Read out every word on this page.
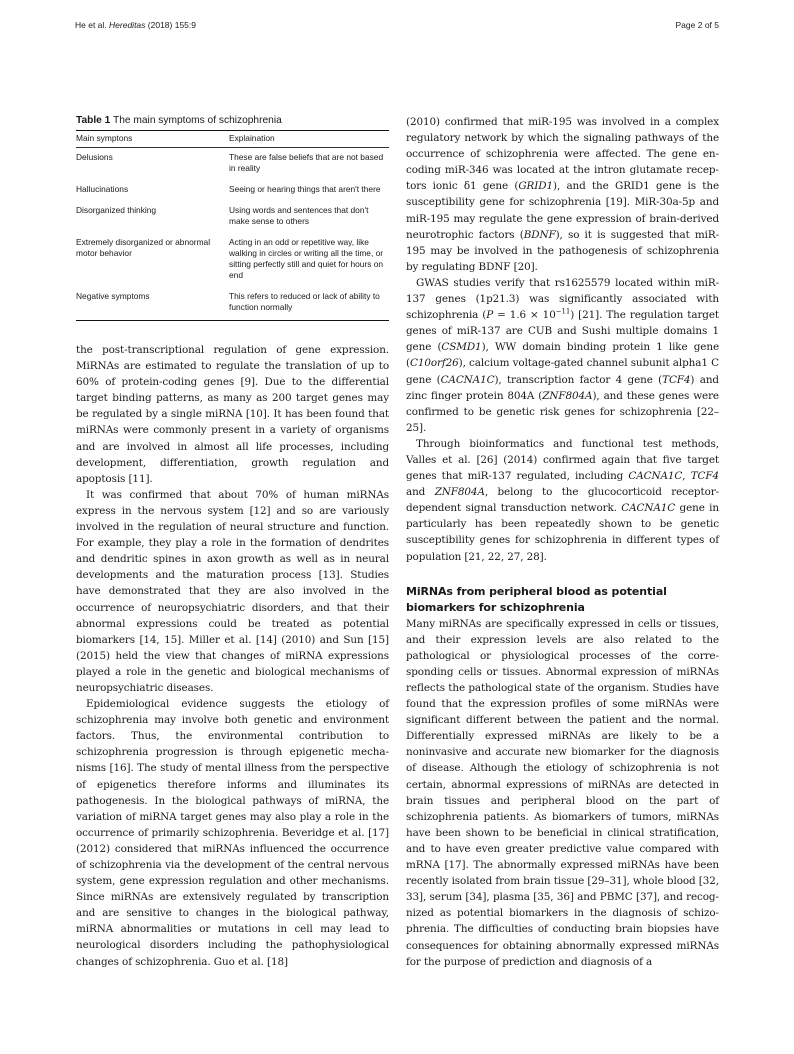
He et al. Hereditas (2018) 155:9	Page 2 of 5
Table 1 The main symptoms of schizophrenia
Main symptons	Explaination
Delusions	These are false beliefs that are not based in reality
Hallucinations	Seeing or hearing things that aren't there
Disorganized thinking	Using words and sentences that don't make sense to others
Extremely disorganized or abnormal motor behavior	Acting in an odd or repetitive way, like walking in circles or writing all the time, or sitting perfectly still and quiet for hours on end
Negative symptoms	This refers to reduced or lack of ability to function normally

the post-transcriptional regulation of gene expression. MiRNAs are estimated to regulate the translation of up to 60% of protein-coding genes [9]. Due to the differential target binding patterns, as many as 200 target genes may be regulated by a single miRNA [10]. It has been found that miRNAs were commonly present in a variety of organisms and are involved in almost all life processes, including development, differentiation, growth regulation and apoptosis [11].

It was confirmed that about 70% of human miRNAs express in the nervous system [12] and so are variously involved in the regulation of neural structure and function. For example, they play a role in the formation of dendrites and dendritic spines in axon growth as well as in neural developments and the maturation process [13]. Studies have demonstrated that they are also involved in the occurrence of neuropsychiatric disorders, and that their abnormal expressions could be treated as potential biomarkers [14, 15]. Miller et al. [14] (2010) and Sun [15] (2015) held the view that changes of miRNA expressions played a role in the genetic and biological mechanisms of neuropsychiatric diseases.

Epidemiological evidence suggests the etiology of schizophrenia may involve both genetic and environment factors. Thus, the environmental contribution to schizophrenia progression is through epigenetic mechanisms [16]. The study of mental illness from the perspective of epigenetics therefore informs and illuminates its pathogenesis. In the biological pathways of miRNA, the variation of miRNA target genes may also play a role in the occurrence of primarily schizophrenia. Beveridge et al. [17] (2012) considered that miRNAs influenced the occurrence of schizophrenia via the development of the central nervous system, gene expression regulation and other mechanisms. Since miRNAs are extensively regulated by transcription and are sensitive to changes in the biological pathway, miRNA abnormalities or mutations in cell may lead to neurological disorders including the pathophysiological changes of schizophrenia. Guo et al. [18]

(2010) confirmed that miR-195 was involved in a complex regulatory network by which the signaling pathways of the occurrence of schizophrenia were affected. The gene encoding miR-346 was located at the intron glutamate receptors ionic δ1 gene (GRID1), and the GRID1 gene is the susceptibility gene for schizophrenia [19]. MiR-30a-5p and miR-195 may regulate the gene expression of brain-derived neurotrophic factors (BDNF), so it is suggested that miR-195 may be involved in the pathogenesis of schizophrenia by regulating BDNF [20].

GWAS studies verify that rs1625579 located within miR-137 genes (1p21.3) was significantly associated with schizophrenia $(P = 1.6 \times 10^{-11})$ [21]. The regulation target genes of miR-137 are CUB and Sushi multiple domains 1 gene (CSMD1), WW domain binding protein 1 like gene (C10orf26), calcium voltage-gated channel subunit alpha1 C gene (CACNA1C), transcription factor 4 gene (TCF4) and zinc finger protein 804A (ZNF804A), and these genes were confirmed to be genetic risk genes for schizophrenia [22–25].

Through bioinformatics and functional test methods, Valles et al. [26] (2014) confirmed again that five target genes that miR-137 regulated, including CACNA1C, TCF4 and ZNF804A, belong to the glucocorticoid receptor-dependent signal transduction network. CACNA1C gene in particularly has been repeatedly shown to be genetic susceptibility genes for schizophrenia in different types of population [21, 22, 27, 28].

MiRNAs from peripheral blood as potential biomarkers for schizophrenia

Many miRNAs are specifically expressed in cells or tissues, and their expression levels are also related to the pathological or physiological processes of the corresponding cells or tissues. Abnormal expression of miRNAs reflects the pathological state of the organism. Studies have found that the expression profiles of some miRNAs were significant different between the patient and the normal. Differentially expressed miRNAs are likely to be a noninvasive and accurate new biomarker for the diagnosis of disease. Although the etiology of schizophrenia is not certain, abnormal expressions of miRNAs are detected in brain tissues and peripheral blood on the part of schizophrenia patients. As biomarkers of tumors, miRNAs have been shown to be beneficial in clinical stratification, and to have even greater predictive value compared with mRNA [17]. The abnormally expressed miRNAs have been recently isolated from brain tissue [29–31], whole blood [32, 33], serum [34], plasma [35, 36] and PBMC [37], and recognized as potential biomarkers in the diagnosis of schizophrenia. The difficulties of conducting brain biopsies have consequences for obtaining abnormally expressed miRNAs for the purpose of prediction and diagnosis of a
